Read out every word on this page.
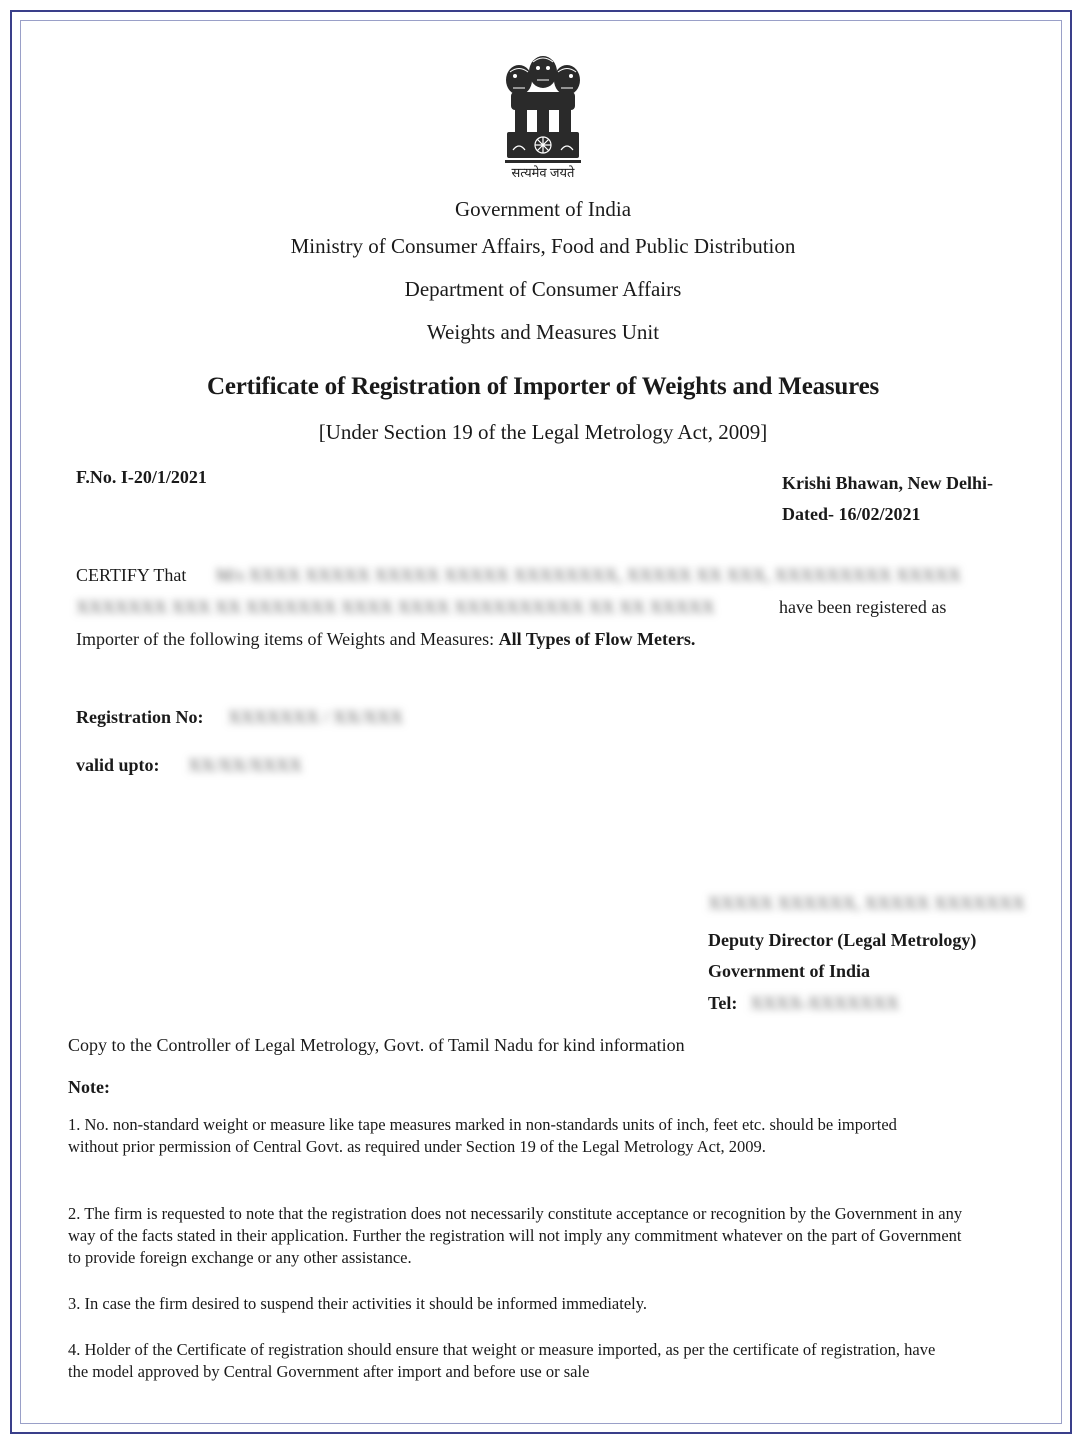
सत्यमेव जयते
Government of India
Ministry of Consumer Affairs, Food and Public Distribution
Department of Consumer Affairs
Weights and Measures Unit
Certificate of Registration of Importer of Weights and Measures
[Under Section 19 of the Legal Metrology Act, 2009]
F.No. I-20/1/2021	Krishi Bhawan, New Delhi-
Dated- 16/02/2021
CERTIFY That M/s XXXX XXXXX XXXXX XXXXX XXXXXXXX, XXXXX XX XXX, XXXXXXXXX XXXXX
XXXXXXX XXX XX XXXXXXX XXXX XXXX XXXXXXXXXX XX XX XXXXX	have been registered as
Importer of the following items of Weights and Measures: All Types of Flow Meters.
Registration No: XXXXXXX / XX/XXX
valid upto: XX/XX/XXXX
XXXXX XXXXXX, XXXXX XXXXXXX
Deputy Director (Legal Metrology)
Government of India
Tel: XXXX-XXXXXXX
Copy to the Controller of Legal Metrology, Govt. of Tamil Nadu for kind information
Note:
1. No. non-standard weight or measure like tape measures marked in non-standards units of inch, feet etc. should be imported without prior permission of Central Govt. as required under Section 19 of the Legal Metrology Act, 2009.
2. The firm is requested to note that the registration does not necessarily constitute acceptance or recognition by the Government in any way of the facts stated in their application. Further the registration will not imply any commitment whatever on the part of Government to provide foreign exchange or any other assistance.
3. In case the firm desired to suspend their activities it should be informed immediately.
4. Holder of the Certificate of registration should ensure that weight or measure imported, as per the certificate of registration, have the model approved by Central Government after import and before use or sale
